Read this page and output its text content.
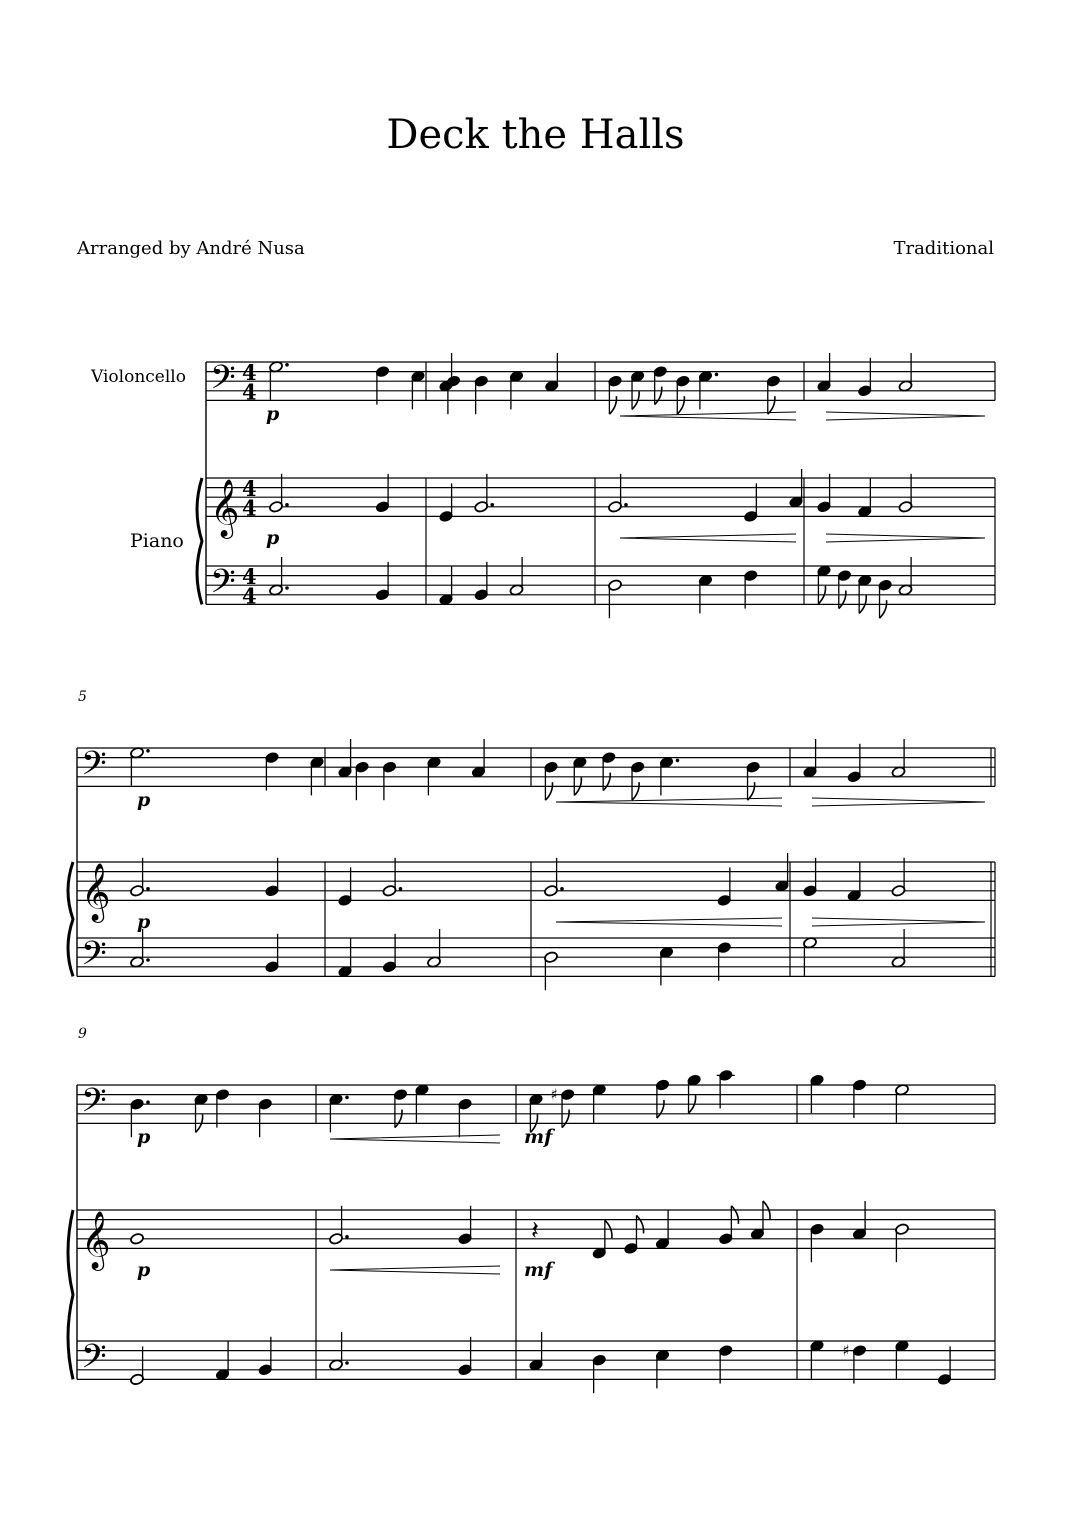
Deck the Halls
Arranged by André Nusa	Traditional
𝄢
𝄞
𝄢
4
4
4
4
4
4
Violoncello
Piano
p
p
𝄢
𝄞
𝄢
5
p
p
𝄢
𝄞
𝄢
9
♯
𝄽
♯
p
p
mf
mf
